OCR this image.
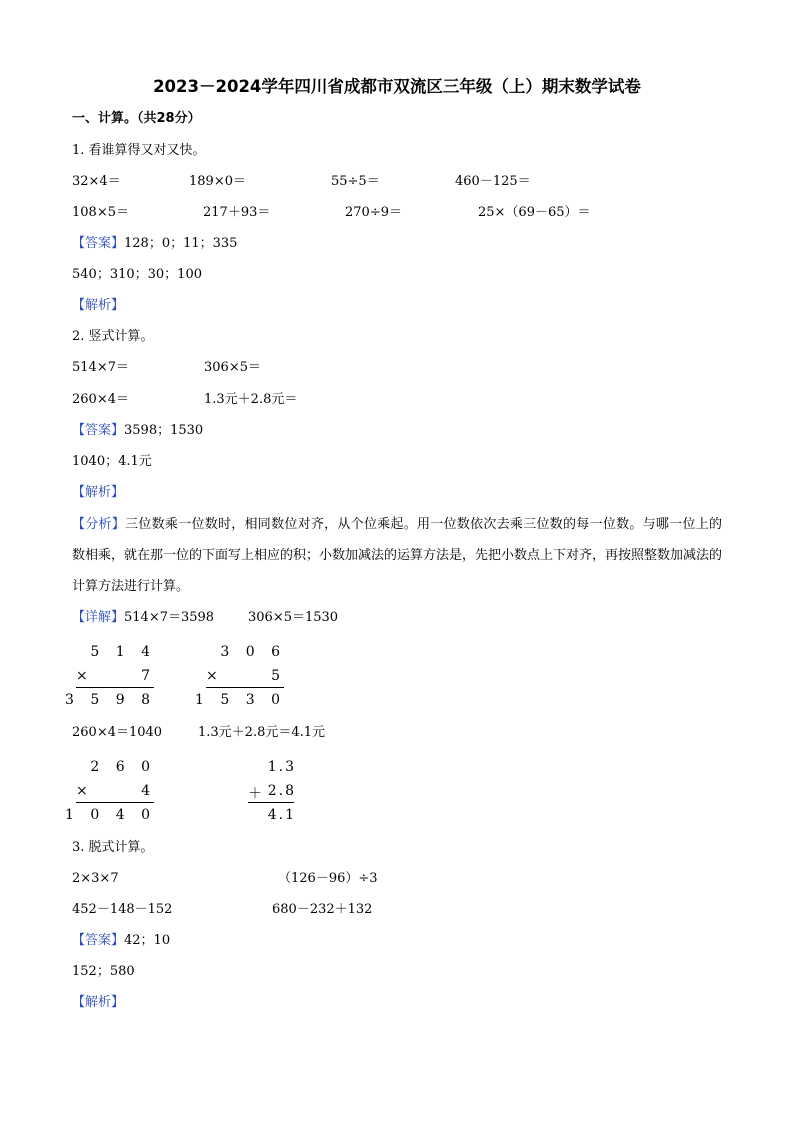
2023－2024学年四川省成都市双流区三年级（上）期末数学试卷
一、计算。（共28分）
1. 看谁算得又对又快。
32×4＝	189×0＝	55÷5＝	460－125＝
108×5＝	217＋93＝	270÷9＝	25×（69－65）＝
【答案】128；0；11；335
540；310；30；100
【解析】
2. 竖式计算。
514×7＝	306×5＝
260×4＝	1.3元＋2.8元＝
【答案】3598；1530
1040；4.1元
【解析】
【分析】三位数乘一位数时，相同数位对齐，从个位乘起。用一位数依次去乘三位数的每一位数。与哪一位上的数相乘，就在那一位的下面写上相应的积；小数加减法的运算方法是，先把小数点上下对齐，再按照整数加减法的计算方法进行计算。
【详解】514×7＝3598	306×5＝1530
5 1 4
×	7
3 5 9 8
3 0 6
×	5
1 5 3 0
260×4＝1040	1.3元＋2.8元＝4.1元
2 6 0
×	4
1 0 4 0
1.3
＋ 2.8
4.1
3. 脱式计算。
2×3×7	（126－96）÷3
452－148－152	680－232＋132
【答案】42；10
152；580
【解析】
